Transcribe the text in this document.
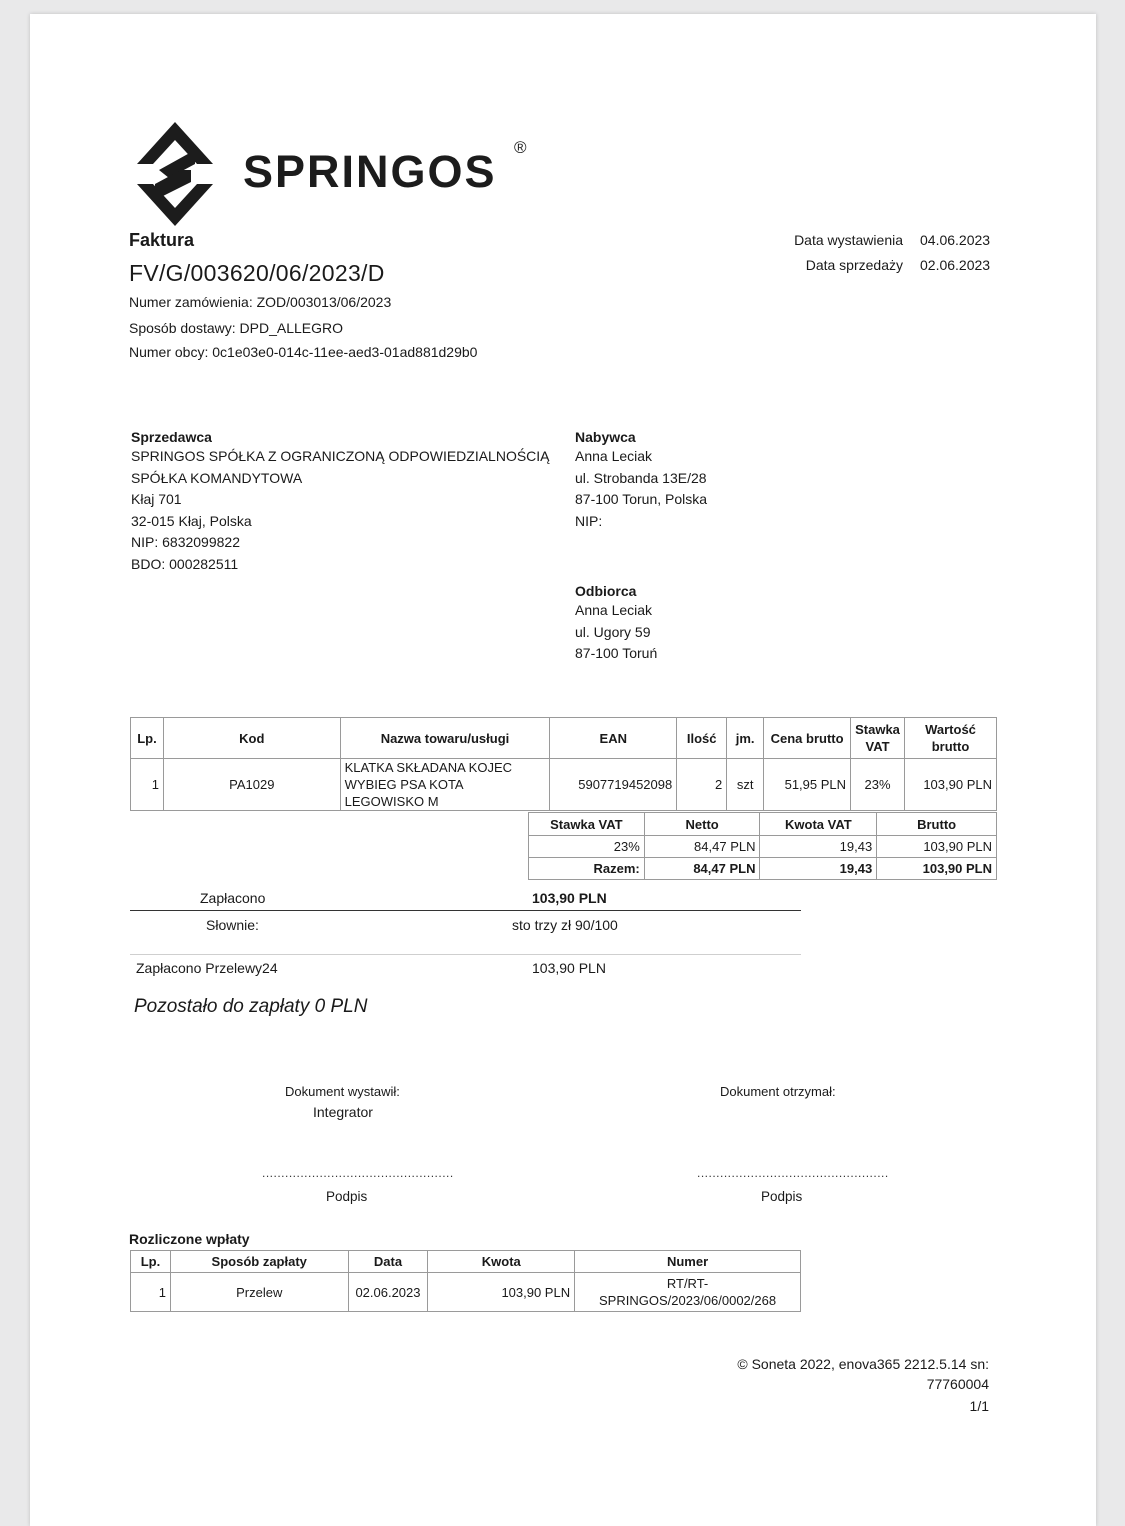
SPRINGOS ®
Faktura
FV/G/003620/06/2023/D
Numer zamówienia: ZOD/003013/06/2023
Sposób dostawy: DPD_ALLEGRO
Numer obcy: 0c1e03e0-014c-11ee-aed3-01ad881d29b0
Data wystawienia 04.06.2023
Data sprzedaży 02.06.2023
Sprzedawca
SPRINGOS SPÓŁKA Z OGRANICZONĄ ODPOWIEDZIALNOŚCIĄ
SPÓŁKA KOMANDYTOWA
Kłaj 701
32-015 Kłaj, Polska
NIP: 6832099822
BDO: 000282511
Nabywca
Anna Leciak
ul. Strobanda 13E/28
87-100 Torun, Polska
NIP:
Odbiorca
Anna Leciak
ul. Ugory 59
87-100 Toruń
Lp.	Kod	Nazwa towaru/usługi	EAN	Ilość	jm.	Cena brutto	Stawka VAT	Wartość brutto
1	PA1029	KLATKA SKŁADANA KOJEC
WYBIEG PSA KOTA LEGOWISKO M	5907719452098	2	szt	51,95 PLN	23%	103,90 PLN
Stawka VAT	Netto	Kwota VAT	Brutto
23%	84,47 PLN	19,43	103,90 PLN
Razem:	84,47 PLN	19,43	103,90 PLN
Zapłacono	103,90 PLN
Słownie:	sto trzy zł 90/100
Zapłacono Przelewy24	103,90 PLN
Pozostało do zapłaty 0 PLN
Dokument wystawił:
Integrator
Dokument otrzymał:
..................................................	..................................................
Podpis	Podpis
Rozliczone wpłaty
Lp.	Sposób zapłaty	Data	Kwota	Numer
1	Przelew	02.06.2023	103,90 PLN	RT/RT-
SPRINGOS/2023/06/0002/268
© Soneta 2022, enova365 2212.5.14 sn:
77760004
1/1
